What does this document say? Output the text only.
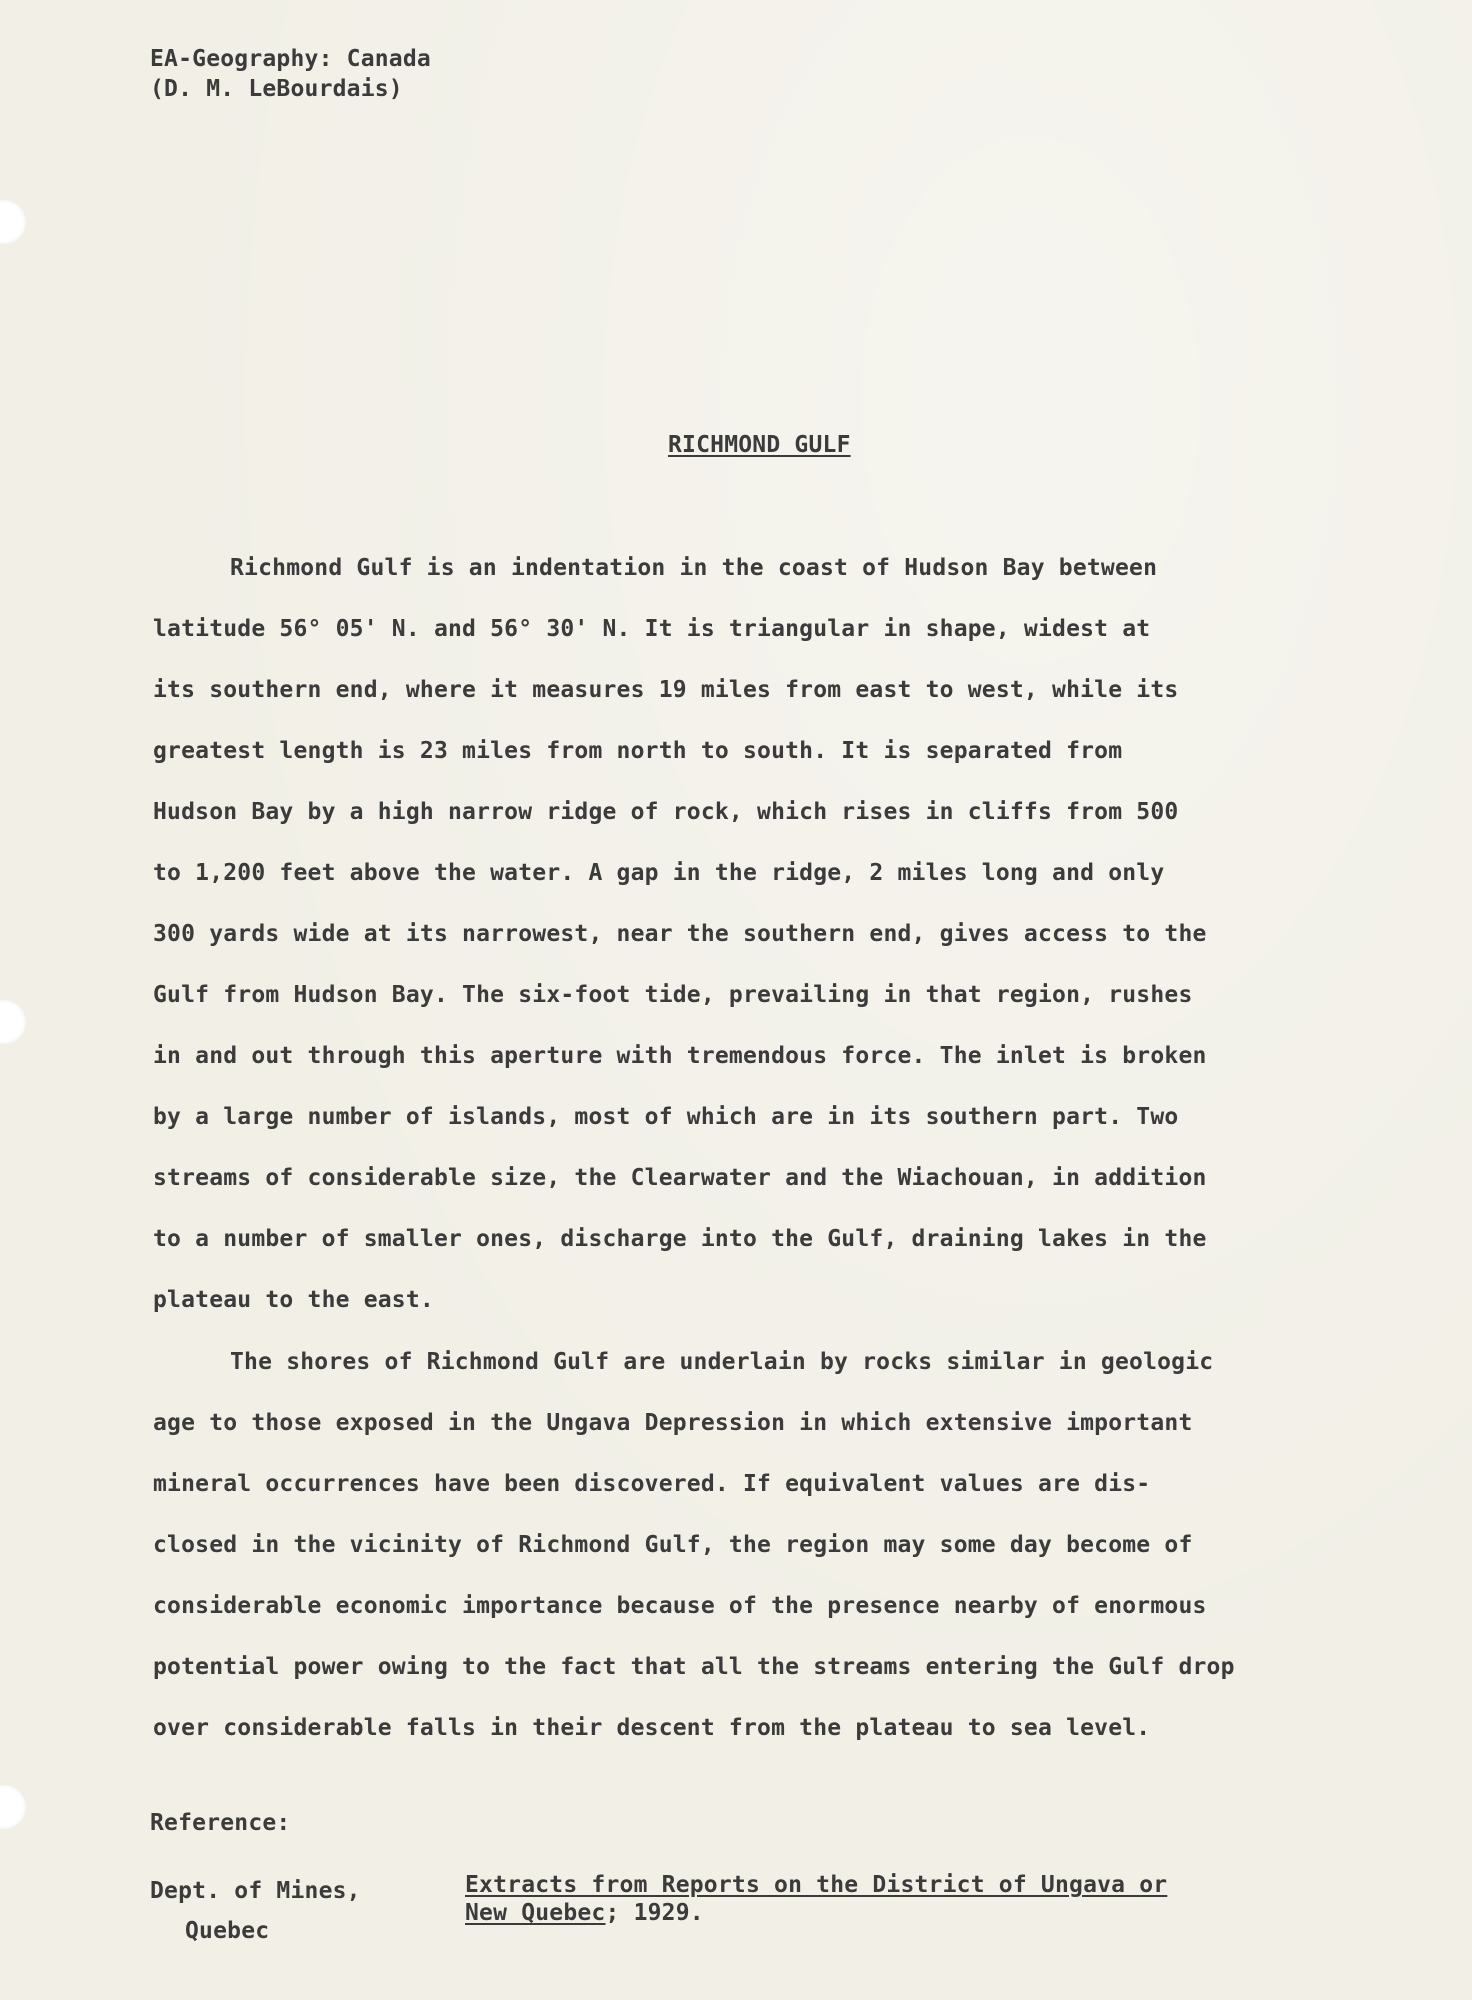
EA-Geography: Canada
(D. M. LeBourdais)
RICHMOND GULF
Richmond Gulf is an indentation in the coast of Hudson Bay between
latitude 56° 05' N. and 56° 30' N. It is triangular in shape, widest at
its southern end, where it measures 19 miles from east to west, while its
greatest length is 23 miles from north to south. It is separated from
Hudson Bay by a high narrow ridge of rock, which rises in cliffs from 500
to 1,200 feet above the water. A gap in the ridge, 2 miles long and only
300 yards wide at its narrowest, near the southern end, gives access to the
Gulf from Hudson Bay. The six-foot tide, prevailing in that region, rushes
in and out through this aperture with tremendous force. The inlet is broken
by a large number of islands, most of which are in its southern part. Two
streams of considerable size, the Clearwater and the Wiachouan, in addition
to a number of smaller ones, discharge into the Gulf, draining lakes in the
plateau to the east.
The shores of Richmond Gulf are underlain by rocks similar in geologic
age to those exposed in the Ungava Depression in which extensive important
mineral occurrences have been discovered. If equivalent values are dis-
closed in the vicinity of Richmond Gulf, the region may some day become of
considerable economic importance because of the presence nearby of enormous
potential power owing to the fact that all the streams entering the Gulf drop
over considerable falls in their descent from the plateau to sea level.
Reference:
Dept. of Mines,
Quebec
Extracts from Reports on the District of Ungava or
New Quebec; 1929.
